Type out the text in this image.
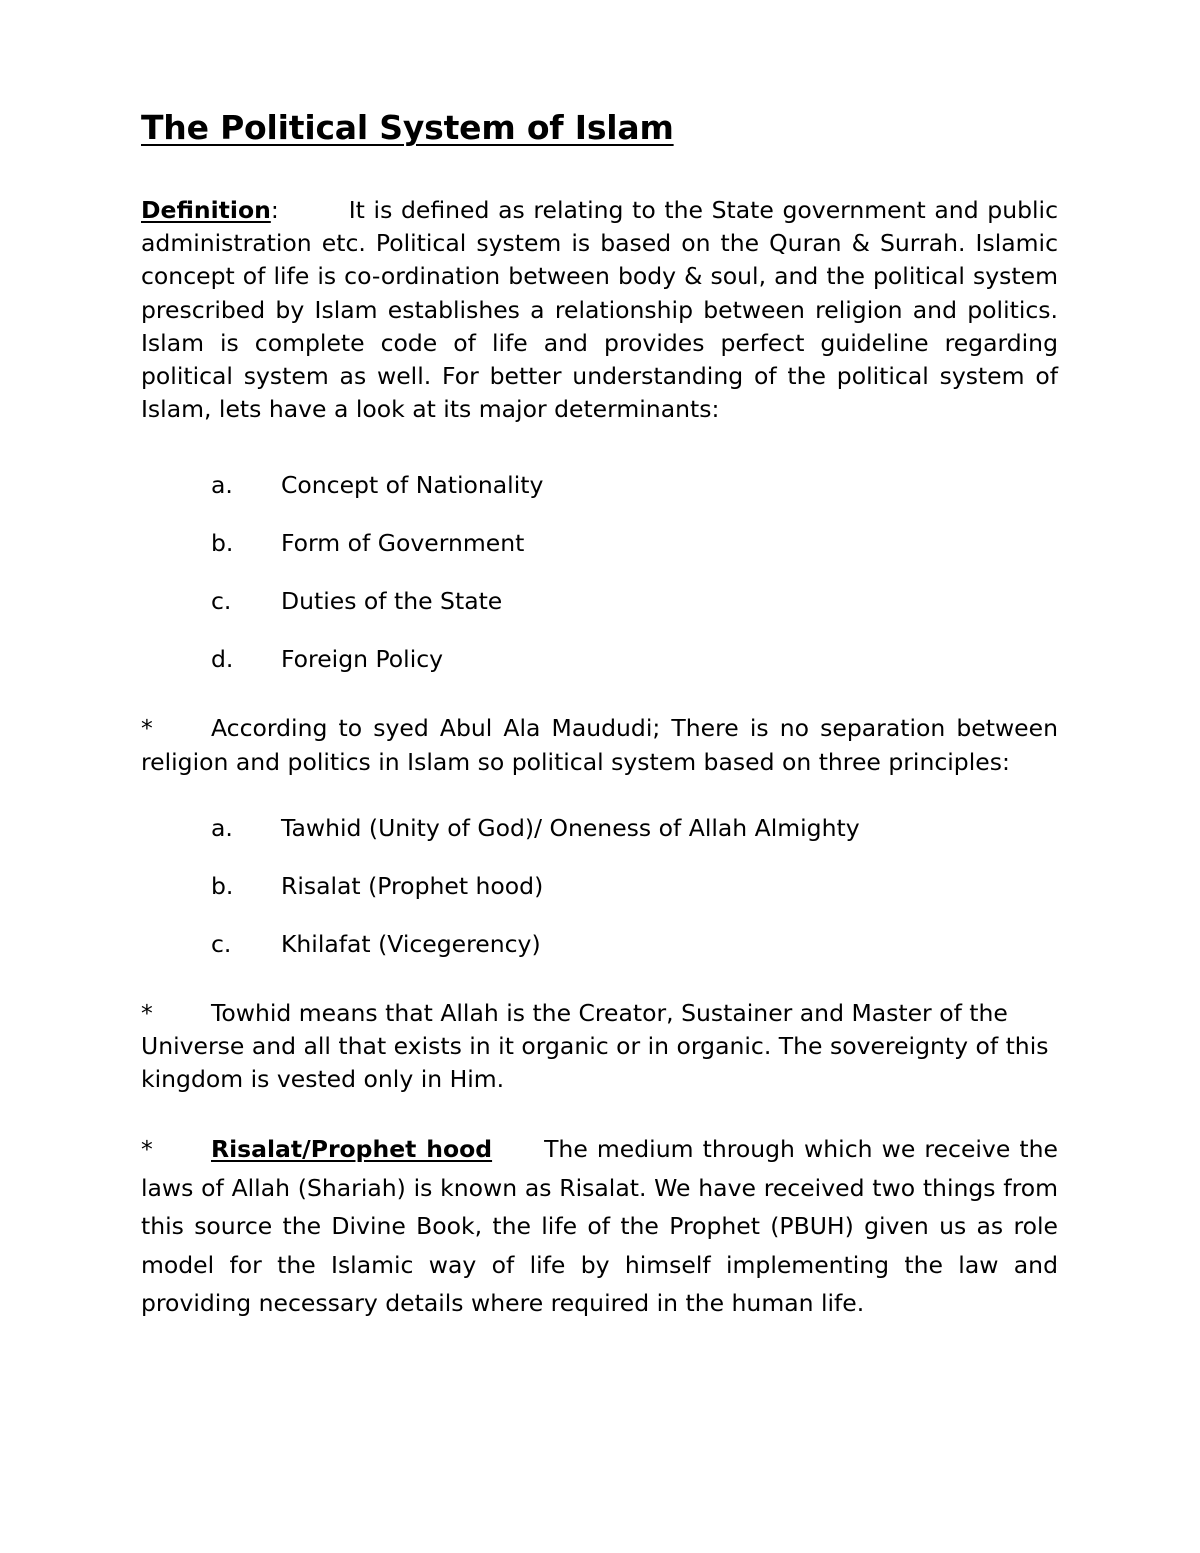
The Political System of Islam

Definition:	It is defined as relating to the State government and public administration etc. Political system is based on the Quran & Surrah. Islamic concept of life is co-ordination between body & soul, and the political system prescribed by Islam establishes a relationship between religion and politics. Islam is complete code of life and provides perfect guideline regarding political system as well. For better understanding of the political system of Islam, lets have a look at its major determinants:

a. Concept of Nationality
b. Form of Government
c. Duties of the State
d. Foreign Policy

* According to syed Abul Ala Maududi; There is no separation between religion and politics in Islam so political system based on three principles:

a. Tawhid (Unity of God)/ Oneness of Allah Almighty
b. Risalat (Prophet hood)
c. Khilafat (Vicegerency)

* Towhid means that Allah is the Creator, Sustainer and Master of the Universe and all that exists in it organic or in organic. The sovereignty of this kingdom is vested only in Him.

* Risalat/Prophet hood The medium through which we receive the laws of Allah (Shariah) is known as Risalat. We have received two things from this source the Divine Book, the life of the Prophet (PBUH) given us as role model for the Islamic way of life by himself implementing the law and providing necessary details where required in the human life.
